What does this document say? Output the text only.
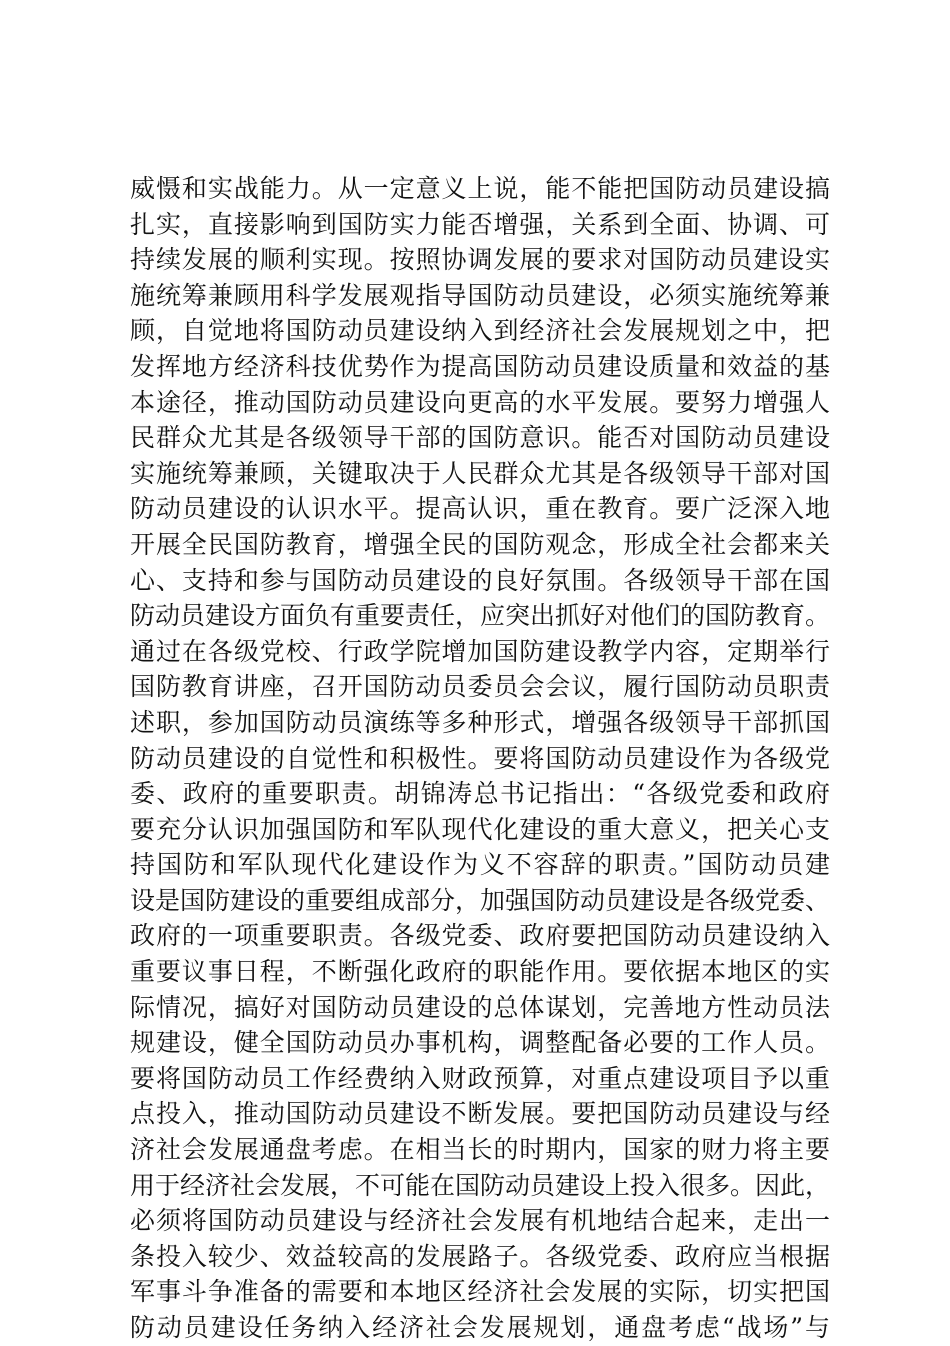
威慑和实战能力。从一定意义上说，能不能把国防动员建设搞
扎实，直接影响到国防实力能否增强，关系到全面、协调、可
持续发展的顺利实现。按照协调发展的要求对国防动员建设实
施统筹兼顾用科学发展观指导国防动员建设，必须实施统筹兼
顾，自觉地将国防动员建设纳入到经济社会发展规划之中，把
发挥地方经济科技优势作为提高国防动员建设质量和效益的基
本途径，推动国防动员建设向更高的水平发展。要努力增强人
民群众尤其是各级领导干部的国防意识。能否对国防动员建设
实施统筹兼顾，关键取决于人民群众尤其是各级领导干部对国
防动员建设的认识水平。提高认识，重在教育。要广泛深入地
开展全民国防教育，增强全民的国防观念，形成全社会都来关
心、支持和参与国防动员建设的良好氛围。各级领导干部在国
防动员建设方面负有重要责任，应突出抓好对他们的国防教育。
通过在各级党校、行政学院增加国防建设教学内容，定期举行
国防教育讲座，召开国防动员委员会会议，履行国防动员职责
述职，参加国防动员演练等多种形式，增强各级领导干部抓国
防动员建设的自觉性和积极性。要将国防动员建设作为各级党
委、政府的重要职责。胡锦涛总书记指出：“各级党委和政府
要充分认识加强国防和军队现代化建设的重大意义，把关心支
持国防和军队现代化建设作为义不容辞的职责。”国防动员建
设是国防建设的重要组成部分，加强国防动员建设是各级党委、
政府的一项重要职责。各级党委、政府要把国防动员建设纳入
重要议事日程，不断强化政府的职能作用。要依据本地区的实
际情况，搞好对国防动员建设的总体谋划，完善地方性动员法
规建设，健全国防动员办事机构，调整配备必要的工作人员。
要将国防动员工作经费纳入财政预算，对重点建设项目予以重
点投入，推动国防动员建设不断发展。要把国防动员建设与经
济社会发展通盘考虑。在相当长的时期内，国家的财力将主要
用于经济社会发展，不可能在国防动员建设上投入很多。因此，
必须将国防动员建设与经济社会发展有机地结合起来，走出一
条投入较少、效益较高的发展路子。各级党委、政府应当根据
军事斗争准备的需要和本地区经济社会发展的实际，切实把国
防动员建设任务纳入经济社会发展规划，通盘考虑“战场”与
